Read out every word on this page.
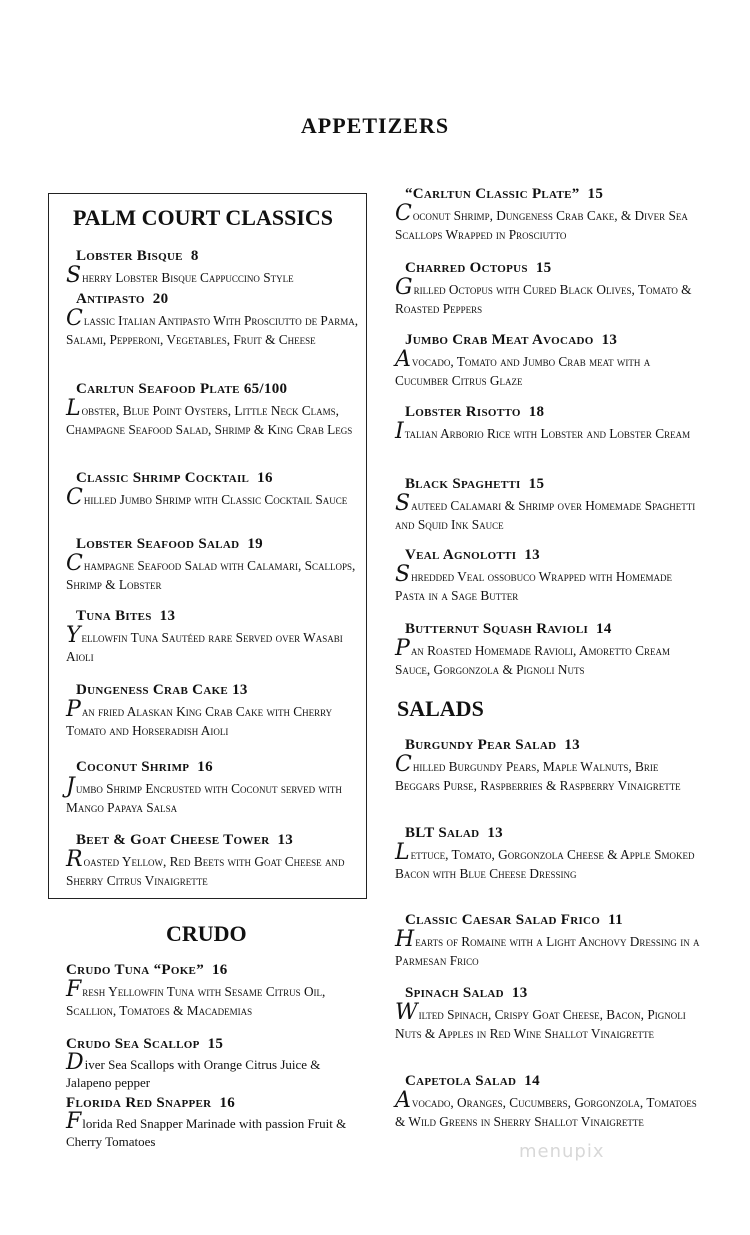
APPETIZERS
PALM COURT CLASSICS
Lobster Bisque 8
Sherry Lobster Bisque Cappuccino Style
Antipasto 20
Classic Italian Antipasto With Prosciutto de Parma, Salami, Pepperoni, Vegetables, Fruit & Cheese
Carltun Seafood Plate 65/100
Lobster, Blue Point Oysters, Little Neck Clams, Champagne Seafood Salad, Shrimp & King Crab Legs
Classic Shrimp Cocktail 16
Chilled Jumbo Shrimp with Classic Cocktail Sauce
Lobster Seafood Salad 19
Champagne Seafood Salad with Calamari, Scallops, Shrimp & Lobster
Tuna Bites 13
Yellowfin Tuna Sautéed rare Served over Wasabi Aioli
Dungeness Crab Cake 13
Pan fried Alaskan King Crab Cake with Cherry Tomato and Horseradish Aioli
Coconut Shrimp 16
Jumbo Shrimp Encrusted with Coconut served with Mango Papaya Salsa
Beet & Goat Cheese Tower 13
Roasted Yellow, Red Beets with Goat Cheese and Sherry Citrus Vinaigrette
CRUDO
Crudo Tuna “Poke” 16
Fresh Yellowfin Tuna with Sesame Citrus Oil, Scallion, Tomatoes & Macademias
Crudo Sea Scallop 15
Diver Sea Scallops with Orange Citrus Juice & Jalapeno pepper
Florida Red Snapper 16
Florida Red Snapper Marinade with passion Fruit & Cherry Tomatoes
“Carltun Classic Plate” 15
Coconut Shrimp, Dungeness Crab Cake, & Diver Sea Scallops Wrapped in Prosciutto
Charred Octopus 15
Grilled Octopus with Cured Black Olives, Tomato & Roasted Peppers
Jumbo Crab Meat Avocado 13
Avocado, Tomato and Jumbo Crab meat with a Cucumber Citrus Glaze
Lobster Risotto 18
Italian Arborio Rice with Lobster and Lobster Cream
Black Spaghetti 15
Sauteed Calamari & Shrimp over Homemade Spaghetti and Squid Ink Sauce
Veal Agnolotti 13
Shredded Veal ossobuco Wrapped with Homemade Pasta in a Sage Butter
Butternut Squash Ravioli 14
Pan Roasted Homemade Ravioli, Amoretto Cream Sauce, Gorgonzola & Pignoli Nuts
SALADS
Burgundy Pear Salad 13
Chilled Burgundy Pears, Maple Walnuts, Brie Beggars Purse, Raspberries & Raspberry Vinaigrette
BLT Salad 13
Lettuce, Tomato, Gorgonzola Cheese & Apple Smoked Bacon with Blue Cheese Dressing
Classic Caesar Salad Frico 11
Hearts of Romaine with a Light Anchovy Dressing in a Parmesan Frico
Spinach Salad 13
Wilted Spinach, Crispy Goat Cheese, Bacon, Pignoli Nuts & Apples in Red Wine Shallot Vinaigrette
Capetola Salad 14
Avocado, Oranges, Cucumbers, Gorgonzola, Tomatoes & Wild Greens in Sherry Shallot Vinaigrette
menupix
